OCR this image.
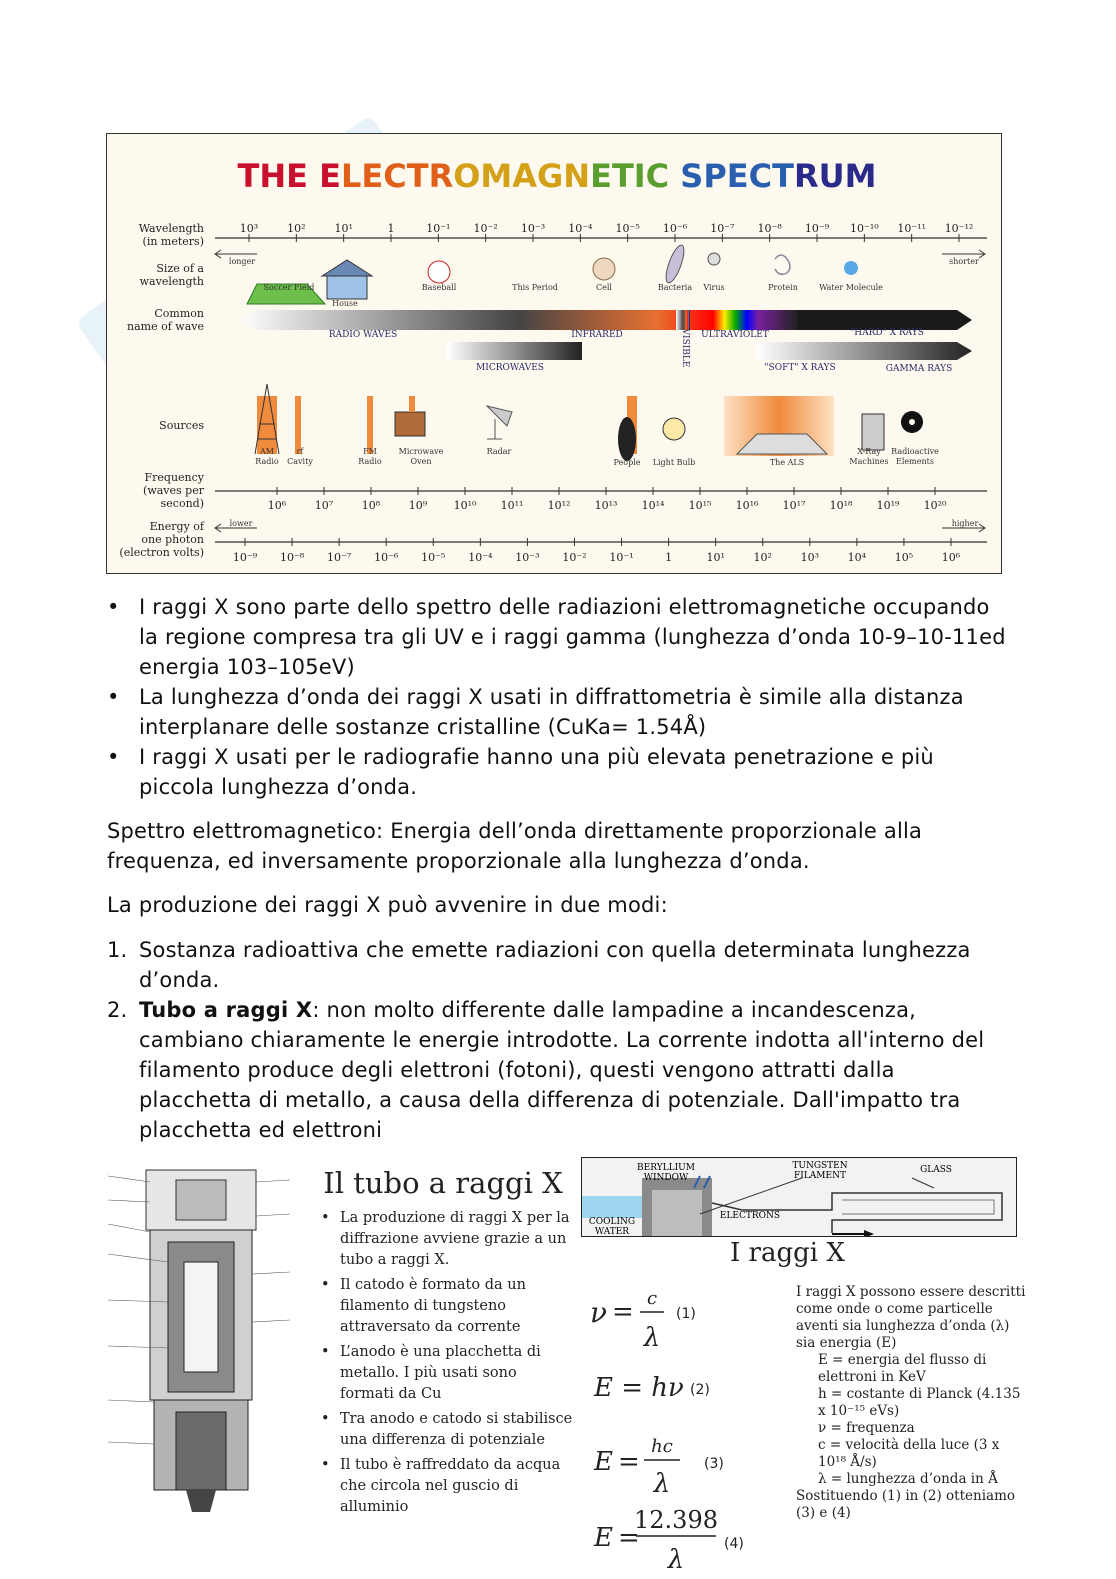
THE ELECTROMAGNETIC SPECTRUM
Wavelength
(in meters)
Size of a
wavelength
Common
name of wave
Sources
Frequency
(waves per
second)
Energy of
one photon
(electron volts)
10³	10²	10¹	1	10⁻¹ 10⁻² 10⁻³ 10⁻⁴ 10⁻⁵ 10⁻⁶ 10⁻⁷ 10⁻⁸ 10⁻⁹ 10⁻¹⁰ 10⁻¹¹ 10⁻¹²
longer	shorter
Soccer Field
House
Baseball	This Period	Cell	Bacteria Virus	Protein	Water Molecule
RADIO WAVES	INFRARED	VISIBLE ULTRAVIOLET	"HARD" X RAYS
MICROWAVES	"SOFT" X RAYS	GAMMA RAYS
AM
Radio
rf
Cavity
FM
Radio
Microwave
Oven
Radar
People Light Bulb	The ALS
X-Ray
Machines
Radioactive
Elements
10⁶	10⁷	10⁸	10⁹ 10¹⁰ 10¹¹ 10¹² 10¹³ 10¹⁴ 10¹⁵ 10¹⁶ 10¹⁷ 10¹⁸ 10¹⁹ 10²⁰
lower	higher
10⁻⁹ 10⁻⁸ 10⁻⁷ 10⁻⁶ 10⁻⁵ 10⁻⁴ 10⁻³ 10⁻² 10⁻¹	1	10¹	10²	10³	10⁴	10⁵	10⁶
• I raggi X sono parte dello spettro delle radiazioni elettromagnetiche occupando la regione compresa tra gli UV e i raggi gamma (lunghezza d’onda 10-9–10-11ed energia 103–105eV)
• La lunghezza d’onda dei raggi X usati in diffrattometria è simile alla distanza interplanare delle sostanze cristalline (CuKa= 1.54Å)
• I raggi X usati per le radiografie hanno una più elevata penetrazione e più piccola lunghezza d’onda.

Spettro elettromagnetico: Energia dell’onda direttamente proporzionale alla frequenza, ed inversamente proporzionale alla lunghezza d’onda.

La produzione dei raggi X può avvenire in due modi:

1. Sostanza radioattiva che emette radiazioni con quella determinata lunghezza d’onda.
2. Tubo a raggi X: non molto differente dalle lampadine a incandescenza, cambiano chiaramente le energie introdotte. La corrente indotta all'interno del filamento produce degli elettroni (fotoni), questi vengono attratti dalla placchetta di metallo, a causa della differenza di potenziale. Dall'impatto tra placchetta ed elettroni
Il tubo a raggi X
• La produzione di raggi X per la diffrazione avviene grazie a un tubo a raggi X.
• Il catodo è formato da un filamento di tungsteno attraversato da corrente
• L’anodo è una placchetta di metallo. I più usati sono formati da Cu
• Tra anodo e catodo si stabilisce una differenza di potenziale
• Il tubo è raffreddato da acqua che circola nel guscio di alluminio
BERYLLIUM
WINDOW
TUNGSTEN
FILAMENT
GLASS
COOLING
WATER
ELECTRONS
I raggi X
ν = c
λ
(1)
E = hν (2)
E =
hc
λ
(3)
E =
12.398
λ
(4)
I raggi X possono essere descritti come onde o come particelle aventi sia lunghezza d’onda (λ) sia energia (E)
E = energia del flusso di elettroni in KeV
h = costante di Planck (4.135 x 10⁻¹⁵ eVs)
ν = frequenza
c = velocità della luce (3 x 10¹⁸ Å/s)
λ = lunghezza d’onda in Å
Sostituendo (1) in (2) otteniamo (3) e (4)
